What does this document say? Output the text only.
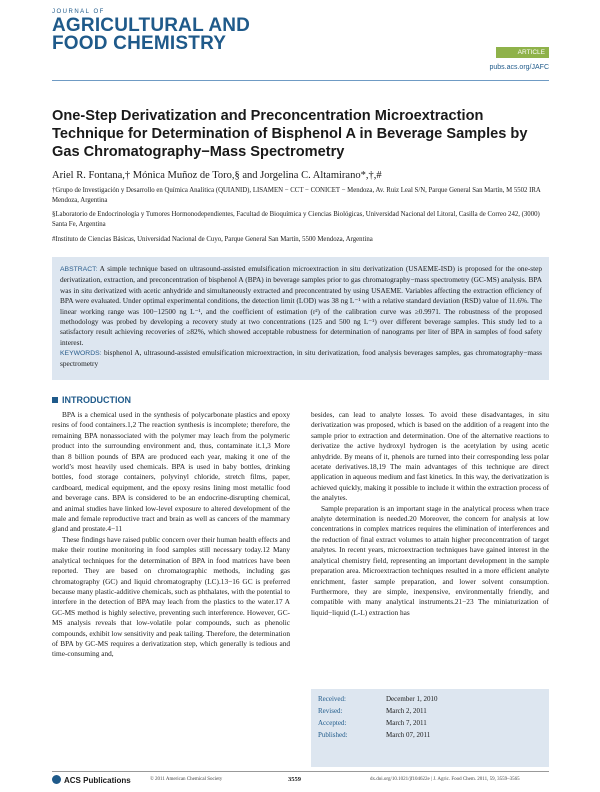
JOURNAL OF
AGRICULTURAL AND
FOOD CHEMISTRY	ARTICLE
pubs.acs.org/JAFC
One-Step Derivatization and Preconcentration Microextraction Technique for Determination of Bisphenol A in Beverage Samples by Gas Chromatography−Mass Spectrometry
Ariel R. Fontana,† Mónica Muñoz de Toro,§ and Jorgelina C. Altamirano*,†,#
†Grupo de Investigación y Desarrollo en Química Analítica (QUIANID), LISAMEN − CCT − CONICET − Mendoza, Av. Ruiz Leal S/N, Parque General San Martín, M 5502 IRA Mendoza, Argentina
§Laboratorio de Endocrinología y Tumores Hormonodependientes, Facultad de Bioquímica y Ciencias Biológicas, Universidad Nacional del Litoral, Casilla de Correo 242, (3000) Santa Fe, Argentina
#Instituto de Ciencias Básicas, Universidad Nacional de Cuyo, Parque General San Martín, 5500 Mendoza, Argentina
ABSTRACT: A simple technique based on ultrasound-assisted emulsification microextraction in situ derivatization (USAEME-ISD) is proposed for the one-step derivatization, extraction, and preconcentration of bisphenol A (BPA) in beverage samples prior to gas chromatography−mass spectrometry (GC-MS) analysis. BPA was in situ derivatized with acetic anhydride and simultaneously extracted and preconcentrated by using USAEME. Variables affecting the extraction efficiency of BPA were evaluated. Under optimal experimental conditions, the detection limit (LOD) was 38 ng L⁻¹ with a relative standard deviation (RSD) value of 11.6%. The linear working range was 100−12500 ng L⁻¹, and the coefficient of estimation (r²) of the calibration curve was ≥0.9971. The robustness of the proposed methodology was probed by developing a recovery study at two concentrations (125 and 500 ng L⁻¹) over different beverage samples. This study led to a satisfactory result achieving recoveries of ≥82%, which showed acceptable robustness for determination of nanograms per liter of BPA in samples of food safety interest.
KEYWORDS: bisphenol A, ultrasound-assisted emulsification microextraction, in situ derivatization, food analysis beverages samples, gas chromatography−mass spectrometry
INTRODUCTION

BPA is a chemical used in the synthesis of polycarbonate plastics and epoxy resins of food containers.1,2 The reaction synthesis is incomplete; therefore, the remaining BPA nonassociated with the polymer may leach from the polymeric product into the surrounding environment and, thus, contaminate it.1,3 More than 8 billion pounds of BPA are produced each year, making it one of the world’s most heavily used chemicals. BPA is used in baby bottles, drinking bottles, food storage containers, polyvinyl chloride, stretch films, paper, cardboard, medical equipment, and the epoxy resins lining most metallic food and beverage cans. BPA is considered to be an endocrine-disrupting chemical, and animal studies have linked low-level exposure to altered development of the male and female reproductive tract and brain as well as cancers of the mammary gland and prostate.4−11

These findings have raised public concern over their human health effects and make their routine monitoring in food samples still necessary today.12 Many analytical techniques for the determination of BPA in food matrices have been reported. They are based on chromatographic methods, including gas chromatography (GC) and liquid chromatography (LC).13−16 GC is preferred because many plastic-additive chemicals, such as phthalates, with the potential to interfere in the detection of BPA may leach from the plastics to the water.17 A GC-MS method is highly selective, preventing such interference. However, GC-MS analysis reveals that low-volatile polar compounds, such as phenolic compounds, exhibit low sensitivity and peak tailing. Therefore, the determination of BPA by GC-MS requires a derivatization step, which generally is tedious and time-consuming and,

besides, can lead to analyte losses. To avoid these disadvantages, in situ derivatization was proposed, which is based on the addition of a reagent into the sample prior to extraction and determination. One of the alternative reactions to derivatize the active hydroxyl hydrogen is the acetylation by using acetic anhydride. By means of it, phenols are turned into their corresponding less polar acetate derivatives.18,19 The main advantages of this technique are direct application in aqueous medium and fast kinetics. In this way, the derivatization is achieved quickly, making it possible to include it within the extraction process of the analytes.

Sample preparation is an important stage in the analytical process when trace analyte determination is needed.20 Moreover, the concern for analysis at low concentrations in complex matrices requires the elimination of interferences and the reduction of final extract volumes to attain higher preconcentration of target analytes. In recent years, microextraction techniques have gained interest in the analytical chemistry field, representing an important development in the sample preparation area. Microextraction techniques resulted in a more efficient analyte enrichment, faster sample preparation, and lower solvent consumption. Furthermore, they are simple, inexpensive, environmentally friendly, and compatible with many analytical instruments.21−23 The miniaturization of liquid−liquid (L-L) extraction has

Received:	December 1, 2010
Revised:	March 2, 2011
Accepted:	March 7, 2011
Published:	March 07, 2011
ACS Publications	© 2011 American Chemical Society	3559	dx.doi.org/10.1021/jf104622e | J. Agric. Food Chem. 2011, 59, 3559–3565
